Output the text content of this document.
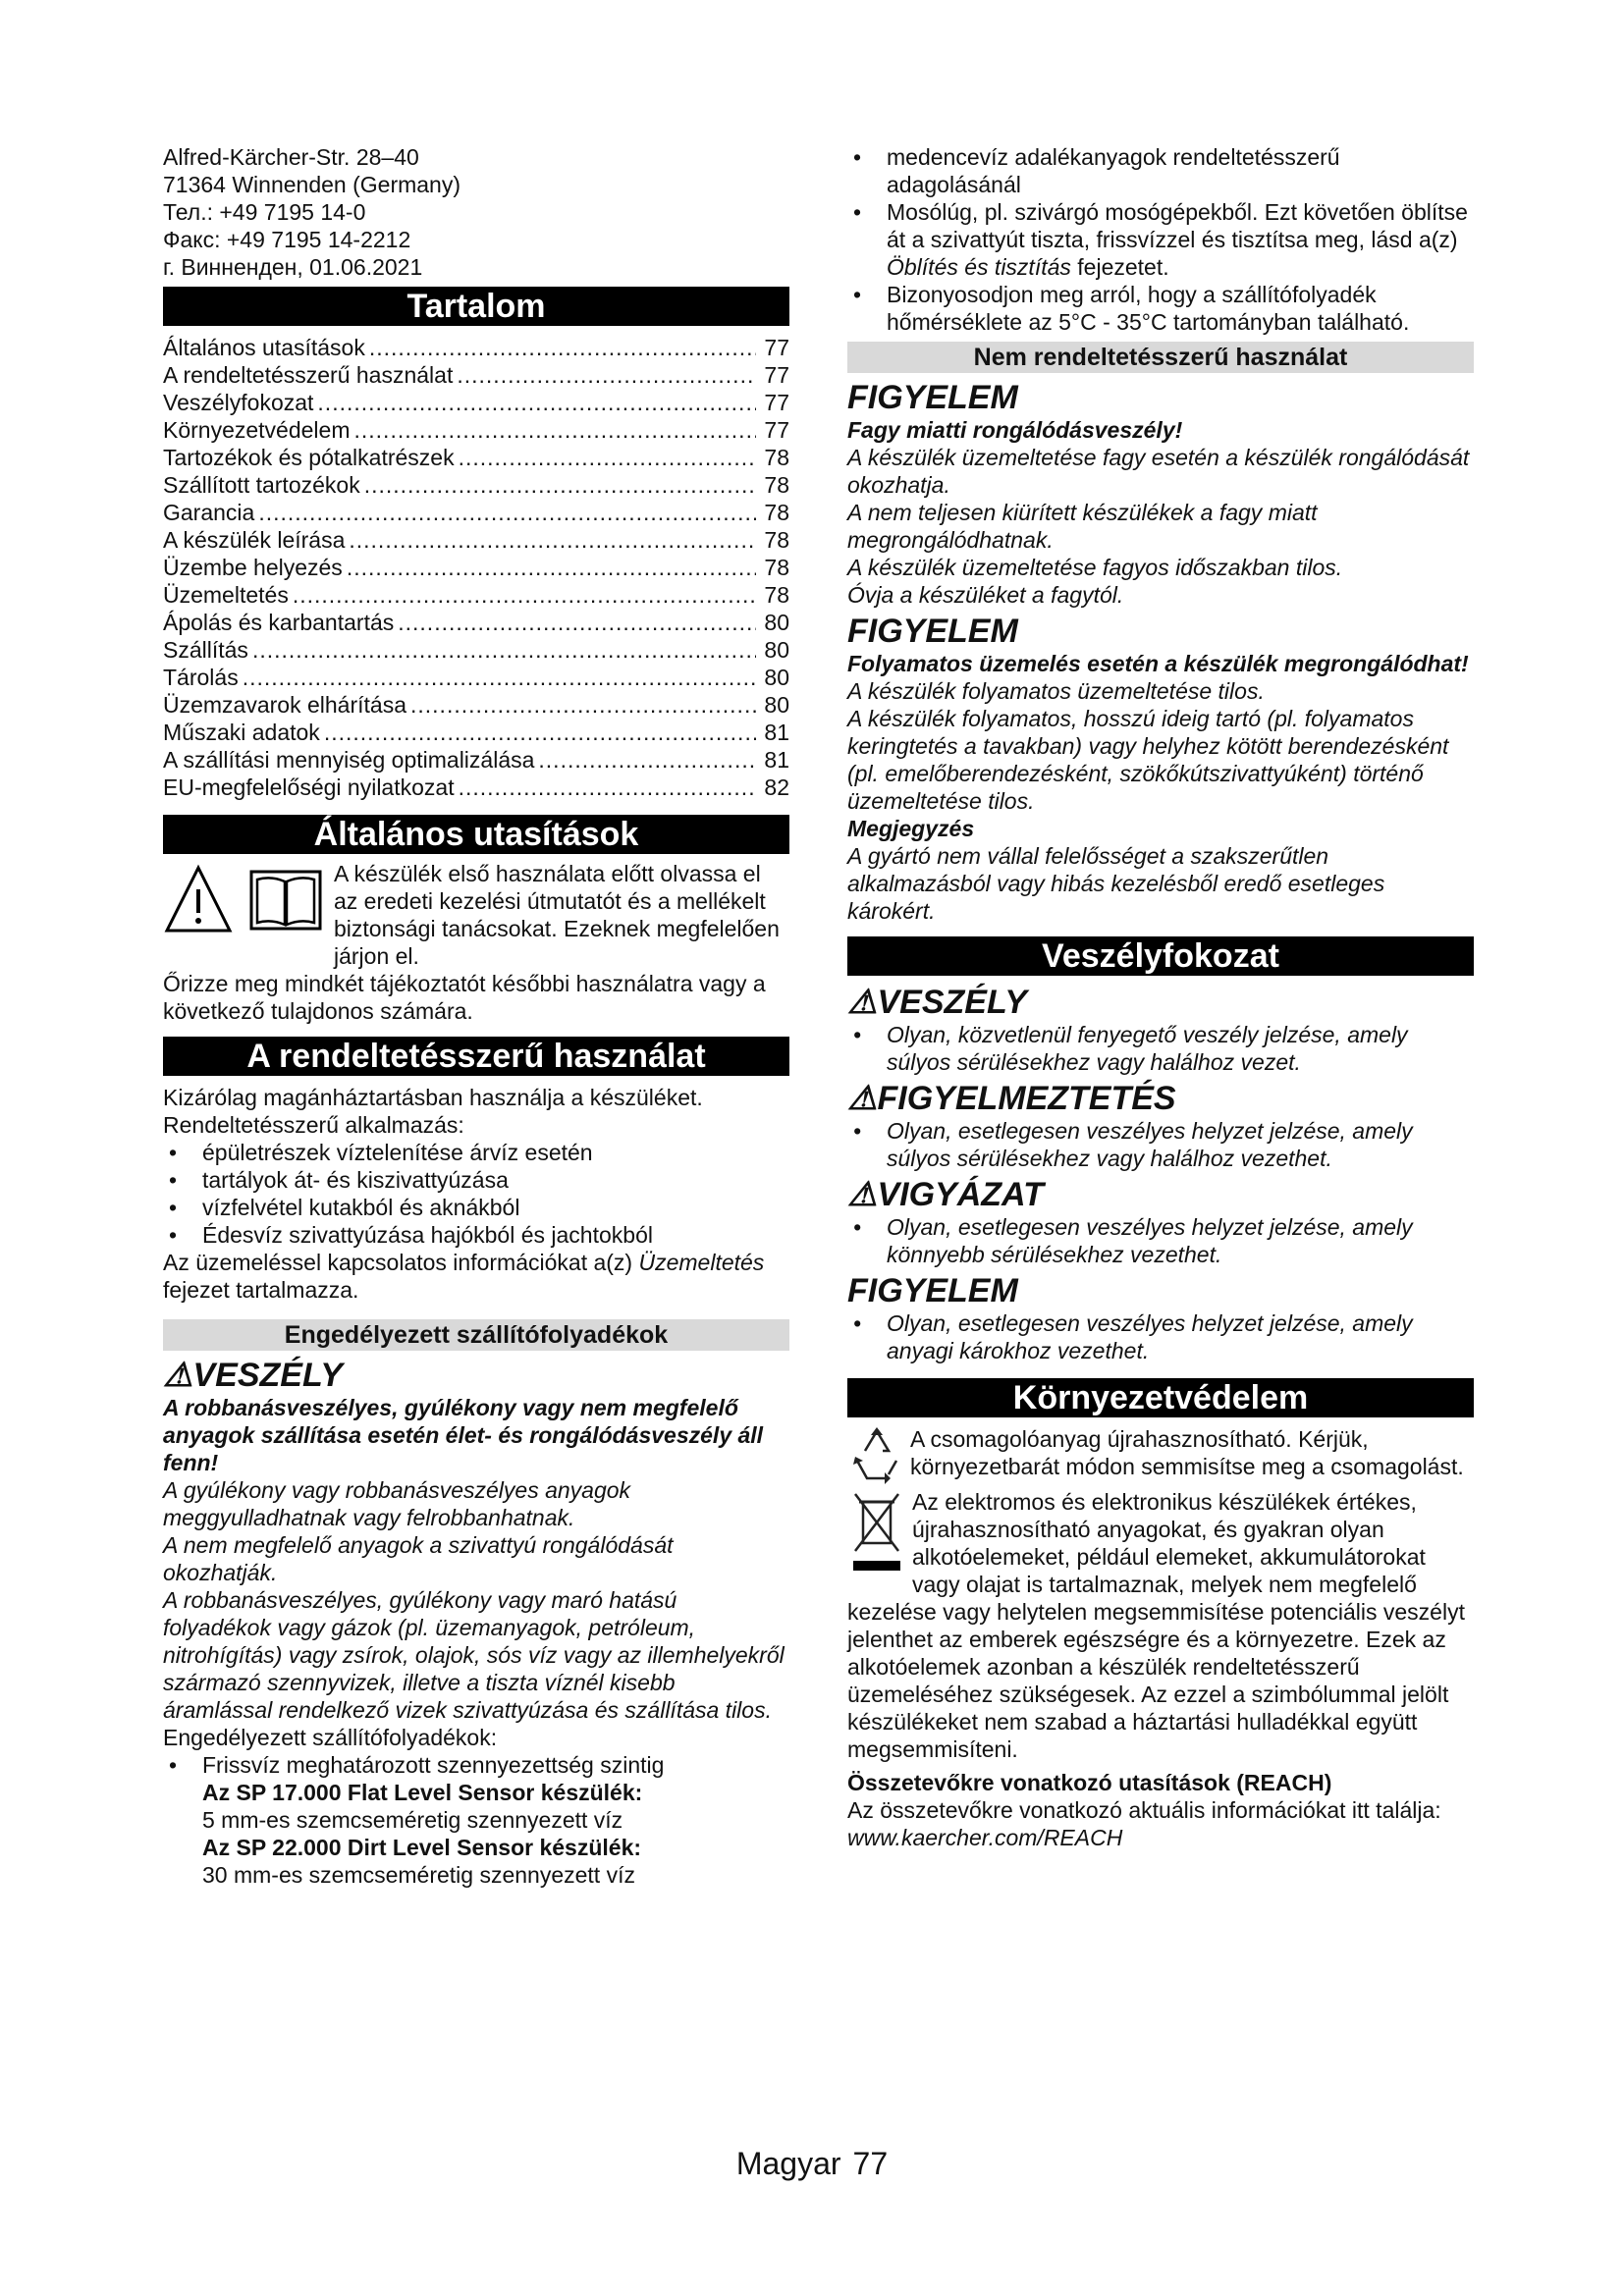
Alfred-Kärcher-Str. 28–40

71364 Winnenden (Germany)

Тел.: +49 7195 14-0

Факс: +49 7195 14-2212

г. Винненден, 01.06.2021

Tartalom
Általános utasítások .....	77
A rendeltetésszerű használat .....	77
Veszélyfokozat .....	77
Környezetvédelem .....	77
Tartozékok és pótalkatrészek .....	78
Szállított tartozékok .....	78
Garancia .....	78
A készülék leírása .....	78
Üzembe helyezés .....	78
Üzemeltetés .....	78
Ápolás és karbantartás .....	80
Szállítás .....	80
Tárolás .....	80
Üzemzavarok elhárítása .....	80
Műszaki adatok .....	81
A szállítási mennyiség optimalizálása .....	81
EU-megfelelőségi nyilatkozat .....	82
Általános utasítások

A készülék első használata előtt olvassa el az eredeti kezelési útmutatót és a mellékelt biztonsági tanácsokat. Ezeknek megfelelően járjon el.

Őrizze meg mindkét tájékoztatót későbbi használatra vagy a következő tulajdonos számára.

A rendeltetésszerű használat

Kizárólag magánháztartásban használja a készüléket.

Rendeltetésszerű alkalmazás:

• épületrészek víztelenítése árvíz esetén
• tartályok át- és kiszivattyúzása
• vízfelvétel kutakból és aknákból
• Édesvíz szivattyúzása hajókból és jachtokból

Az üzemeléssel kapcsolatos információkat a(z) Üzemeltetés fejezet tartalmazza.

Engedélyezett szállítófolyadékok
⚠VESZÉLY

A robbanásveszélyes, gyúlékony vagy nem megfelelő anyagok szállítása esetén élet- és rongálódásveszély áll fenn!

A gyúlékony vagy robbanásveszélyes anyagok meggyulladhatnak vagy felrobbanhatnak.

A nem megfelelő anyagok a szivattyú rongálódását okozhatják.

A robbanásveszélyes, gyúlékony vagy maró hatású folyadékok vagy gázok (pl. üzemanyagok, petróleum, nitrohígítás) vagy zsírok, olajok, sós víz vagy az illemhelyekről származó szennyvizek, illetve a tiszta víznél kisebb áramlással rendelkező vizek szivattyúzása és szállítása tilos.

Engedélyezett szállítófolyadékok:

• Frissvíz meghatározott szennyezettség szintig
Az SP 17.000 Flat Level Sensor készülék:
5 mm-es szemcseméretig szennyezett víz
Az SP 22.000 Dirt Level Sensor készülék:
30 mm-es szemcseméretig szennyezett víz
• medencevíz adalékanyagok rendeltetésszerű adagolásánál
• Mosólúg, pl. szivárgó mosógépekből. Ezt követően öblítse át a szivattyút tiszta, frissvízzel és tisztítsa meg, lásd a(z) Öblítés és tisztítás fejezetet.
• Bizonyosodjon meg arról, hogy a szállítófolyadék hőmérséklete az 5°C - 35°C tartományban található.
Nem rendeltetésszerű használat
FIGYELEM

Fagy miatti rongálódásveszély!

A készülék üzemeltetése fagy esetén a készülék rongálódását okozhatja.

A nem teljesen kiürített készülékek a fagy miatt megrongálódhatnak.

A készülék üzemeltetése fagyos időszakban tilos.

Óvja a készüléket a fagytól.

FIGYELEM

Folyamatos üzemelés esetén a készülék megrongálódhat!

A készülék folyamatos üzemeltetése tilos.

A készülék folyamatos, hosszú ideig tartó (pl. folyamatos keringtetés a tavakban) vagy helyhez kötött berendezésként (pl. emelőberendezésként, szökőkútszivattyúként) történő üzemeltetése tilos.

Megjegyzés

A gyártó nem vállal felelősséget a szakszerűtlen alkalmazásból vagy hibás kezelésből eredő esetleges károkért.

Veszélyfokozat
⚠VESZÉLY
• Olyan, közvetlenül fenyegető veszély jelzése, amely súlyos sérülésekhez vagy halálhoz vezet.
⚠FIGYELMEZTETÉS
• Olyan, esetlegesen veszélyes helyzet jelzése, amely súlyos sérülésekhez vagy halálhoz vezethet.
⚠VIGYÁZAT
• Olyan, esetlegesen veszélyes helyzet jelzése, amely könnyebb sérülésekhez vezethet.
FIGYELEM
• Olyan, esetlegesen veszélyes helyzet jelzése, amely anyagi károkhoz vezethet.
Környezetvédelem

A csomagolóanyag újrahasznosítható. Kérjük, környezetbarát módon semmisítse meg a csomagolást.

Az elektromos és elektronikus készülékek értékes, újrahasznosítható anyagokat, és gyakran olyan alkotóelemeket, például elemeket, akkumulátorokat vagy olajat is tartalmaznak, melyek nem megfelelő kezelése vagy helytelen megsemmisítése potenciális veszélyt jelenthet az emberek egészségre és a környezetre. Ezek az alkotóelemek azonban a készülék rendeltetésszerű üzemeléséhez szükségesek. Az ezzel a szimbólummal jelölt készülékeket nem szabad a háztartási hulladékkal együtt megsemmisíteni.

Összetevőkre vonatkozó utasítások (REACH)

Az összetevőkre vonatkozó aktuális információkat itt találja: www.kaercher.com/REACH

Magyar 77
